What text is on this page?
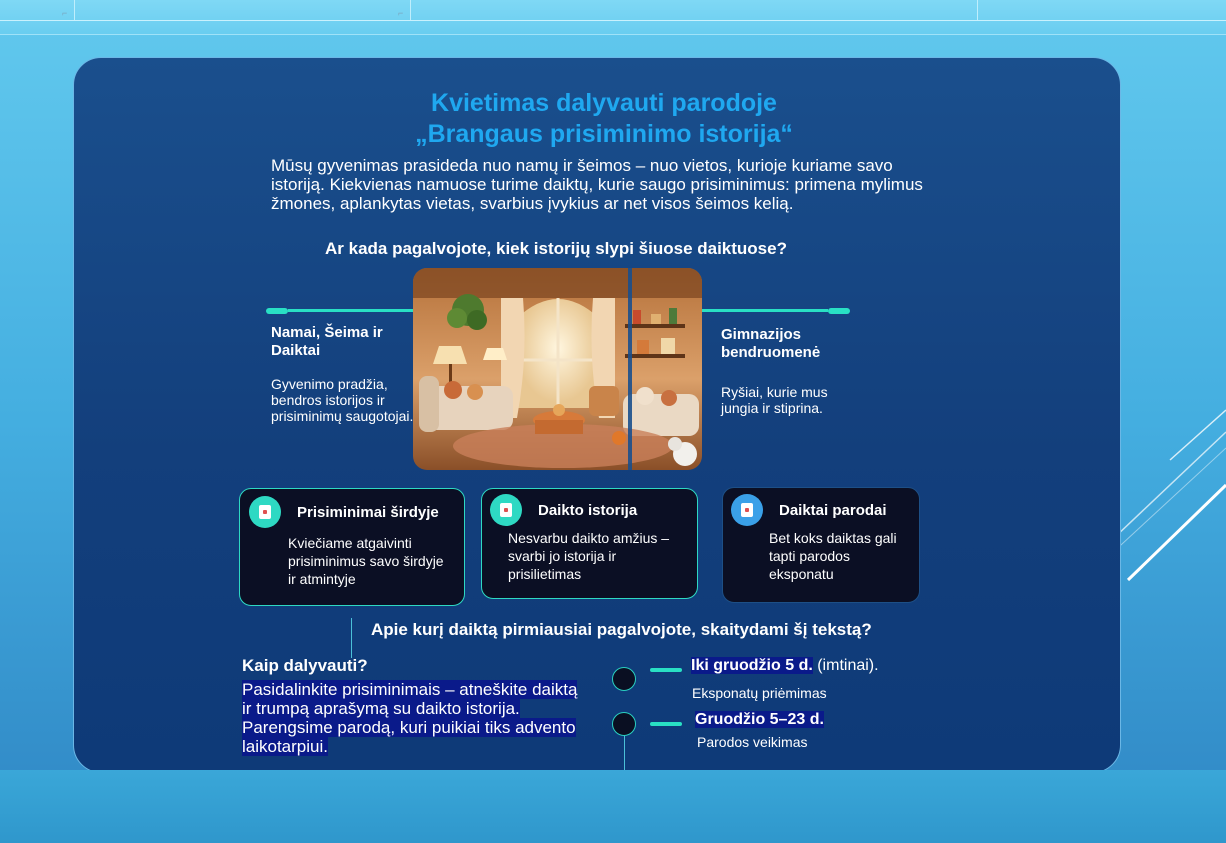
⌐	⌐
Kvietimas dalyvauti parodoje
„Brangaus prisiminimo istorija“

Mūsų gyvenimas prasideda nuo namų ir šeimos – nuo vietos, kurioje kuriame savo istoriją. Kiekvienas namuose turime daiktų, kurie saugo prisiminimus: primena mylimus žmones, aplankytas vietas, svarbius įvykius ar net visos šeimos kelią.

Ar kada pagalvojote, kiek istorijų slypi šiuose daiktuose?

Namai, Šeima ir Daiktai

Gyvenimo pradžia, bendros istorijos ir prisiminimų saugotojai.

Gimnazijos bendruomenė

Ryšiai, kurie mus jungia ir stiprina.

Prisiminimai širdyje

Kviečiame atgaivinti prisiminimus savo širdyje ir atmintyje

Daikto istorija

Nesvarbu daikto amžius – svarbi jo istorija ir prisilietimas

Daiktai parodai

Bet koks daiktas gali tapti parodos eksponatu

Apie kurį daiktą pirmiausiai pagalvojote, skaitydami šį tekstą?

Kaip dalyvauti?

Pasidalinkite prisiminimais – atneškite daiktą ir trumpą aprašymą su daikto istorija. Parengsime parodą, kuri puikiai tiks advento laikotarpiui.

Iki gruodžio 5 d. (imtinai).

Eksponatų priėmimas

Gruodžio 5–23 d.

Parodos veikimas
